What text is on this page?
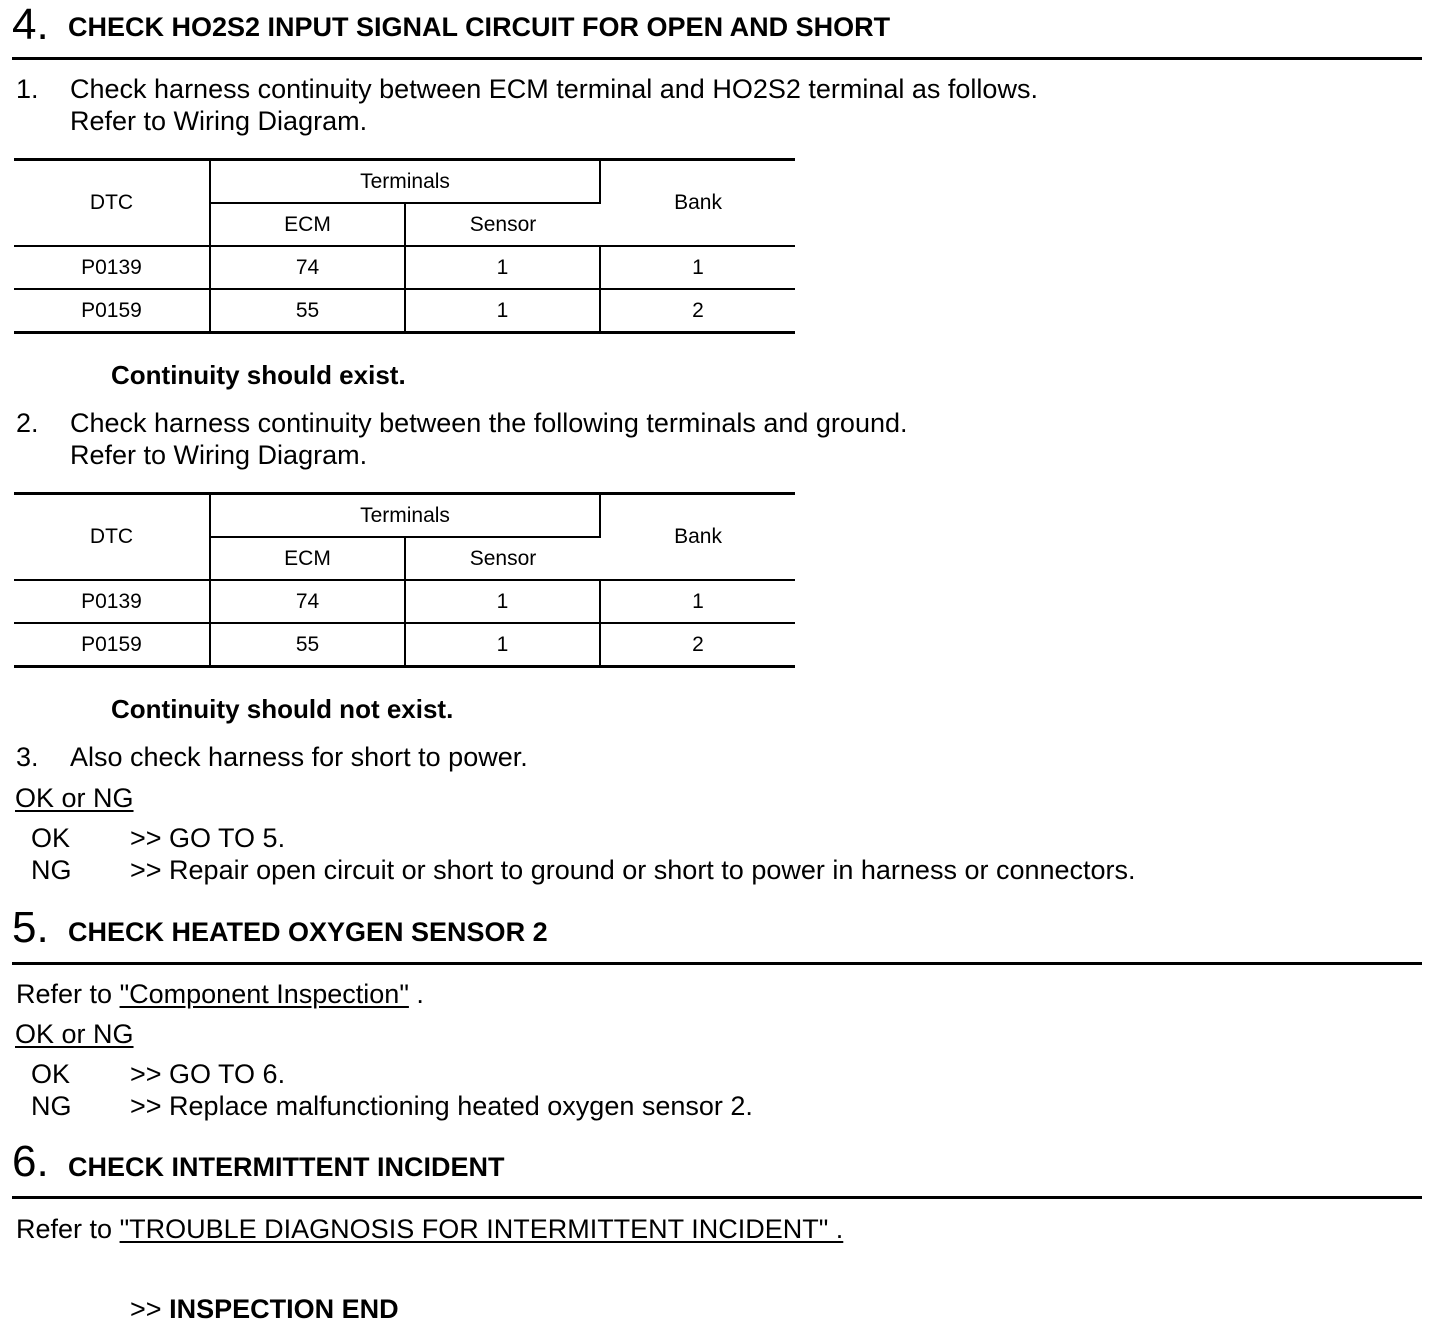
4. CHECK HO2S2 INPUT SIGNAL CIRCUIT FOR OPEN AND SHORT
1. Check harness continuity between ECM terminal and HO2S2 terminal as follows.
Refer to Wiring Diagram.
DTC	Terminals		Bank
	ECM	Sensor	
P0139	74	1	1
P0159	55	1	2
Continuity should exist.
2. Check harness continuity between the following terminals and ground.
Refer to Wiring Diagram.
DTC	Terminals		Bank
	ECM	Sensor	
P0139	74	1	1
P0159	55	1	2
Continuity should not exist.
3. Also check harness for short to power.
OK or NG
OK >> GO TO 5.
NG >> Repair open circuit or short to ground or short to power in harness or connectors.
5. CHECK HEATED OXYGEN SENSOR 2
Refer to "Component Inspection" .
OK or NG
OK >> GO TO 6.
NG >> Replace malfunctioning heated oxygen sensor 2.
6. CHECK INTERMITTENT INCIDENT
Refer to "TROUBLE DIAGNOSIS FOR INTERMITTENT INCIDENT" .
>> INSPECTION END
